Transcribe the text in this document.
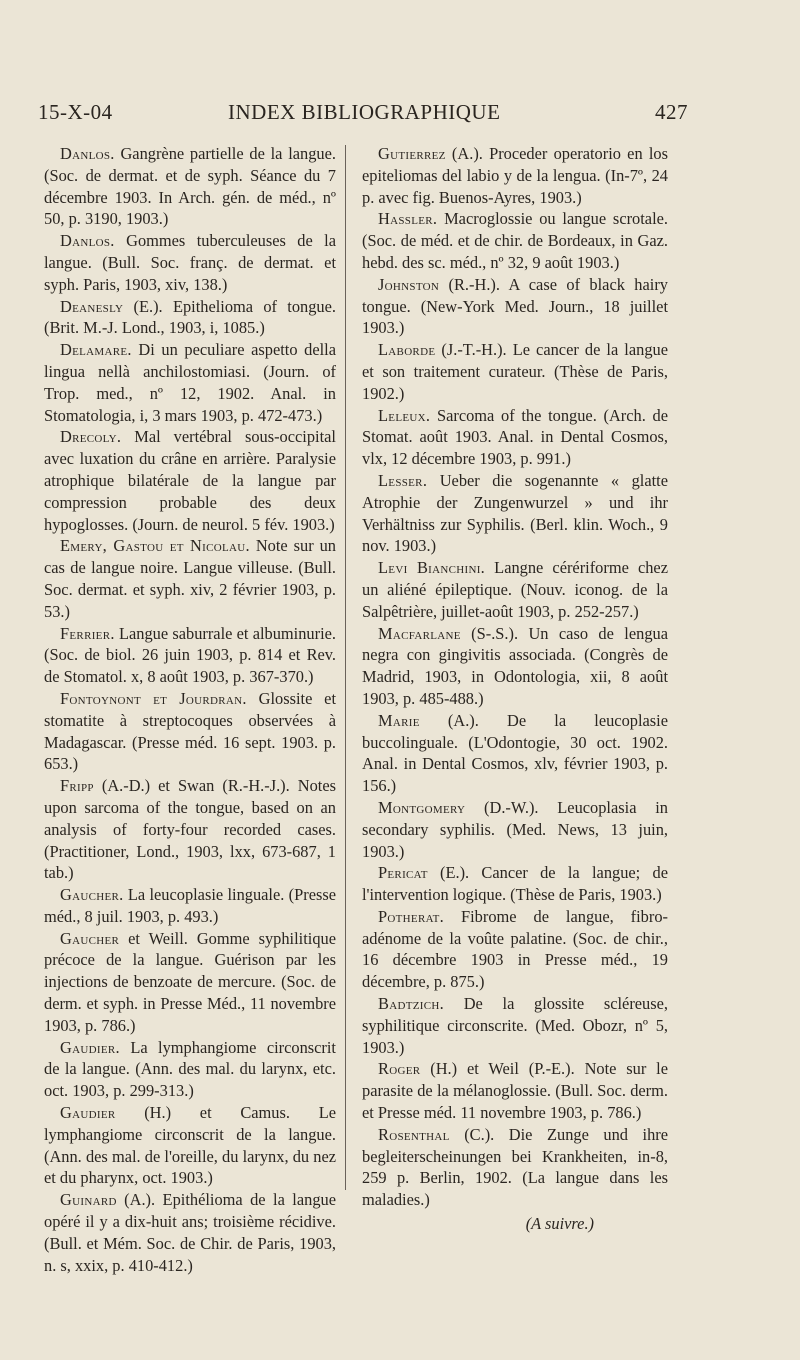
15-X-04	INDEX BIBLIOGRAPHIQUE	427

Danlos. Gangrène partielle de la langue. (Soc. de dermat. et de syph. Séance du 7 décembre 1903. In Arch. gén. de méd., nº 50, p. 3190, 1903.)

Danlos. Gommes tuberculeuses de la langue. (Bull. Soc. franç. de dermat. et syph. Paris, 1903, xiv, 138.)

Deanesly (E.). Epithelioma of tongue. (Brit. M.-J. Lond., 1903, i, 1085.)

Delamare. Di un peculiare aspetto della lingua nellà anchilostomiasi. (Journ. of Trop. med., nº 12, 1902. Anal. in Stomatologia, i, 3 mars 1903, p. 472-473.)

Drecoly. Mal vertébral sous-occipital avec luxation du crâne en arrière. Paralysie atrophique bilatérale de la langue par compression probable des deux hypoglosses. (Journ. de neurol. 5 fév. 1903.)

Emery, Gastou et Nicolau. Note sur un cas de langue noire. Langue villeuse. (Bull. Soc. dermat. et syph. xiv, 2 février 1903, p. 53.)

Ferrier. Langue saburrale et albuminurie. (Soc. de biol. 26 juin 1903, p. 814 et Rev. de Stomatol. x, 8 août 1903, p. 367-370.)

Fontoynont et Jourdran. Glossite et stomatite à streptocoques observées à Madagascar. (Presse méd. 16 sept. 1903. p. 653.)

Fripp (A.-D.) et Swan (R.-H.-J.). Notes upon sarcoma of the tongue, based on an analysis of forty-four recorded cases. (Practitioner, Lond., 1903, lxx, 673-687, 1 tab.)

Gaucher. La leucoplasie linguale. (Presse méd., 8 juil. 1903, p. 493.)

Gaucher et Weill. Gomme syphilitique précoce de la langue. Guérison par les injections de benzoate de mercure. (Soc. de derm. et syph. in Presse Méd., 11 novembre 1903, p. 786.)

Gaudier. La lymphangiome circonscrit de la langue. (Ann. des mal. du larynx, etc. oct. 1903, p. 299-313.)

Gaudier (H.) et Camus. Le lymphangiome circonscrit de la langue. (Ann. des mal. de l'oreille, du larynx, du nez et du pharynx, oct. 1903.)

Guinard (A.). Epithélioma de la langue opéré il y a dix-huit ans; troisième récidive. (Bull. et Mém. Soc. de Chir. de Paris, 1903, n. s, xxix, p. 410-412.)

Gutierrez (A.). Proceder operatorio en los epiteliomas del labio y de la lengua. (In-7º, 24 p. avec fig. Buenos-Ayres, 1903.)

Hassler. Macroglossie ou langue scrotale. (Soc. de méd. et de chir. de Bordeaux, in Gaz. hebd. des sc. méd., nº 32, 9 août 1903.)

Johnston (R.-H.). A case of black hairy tongue. (New-York Med. Journ., 18 juillet 1903.)

Laborde (J.-T.-H.). Le cancer de la langue et son traitement curateur. (Thèse de Paris, 1902.)

Leleux. Sarcoma of the tongue. (Arch. de Stomat. août 1903. Anal. in Dental Cosmos, vlx, 12 décembre 1903, p. 991.)

Lesser. Ueber die sogenannte « glatte Atrophie der Zungenwurzel » und ihr Verhältniss zur Syphilis. (Berl. klin. Woch., 9 nov. 1903.)

Levi Bianchini. Langne cérériforme chez un aliéné épileptique. (Nouv. iconog. de la Salpêtrière, juillet-août 1903, p. 252-257.)

Macfarlane (S-.S.). Un caso de lengua negra con gingivitis associada. (Congrès de Madrid, 1903, in Odontologia, xii, 8 août 1903, p. 485-488.)

Marie (A.). De la leucoplasie buccolinguale. (L'Odontogie, 30 oct. 1902. Anal. in Dental Cosmos, xlv, février 1903, p. 156.)

Montgomery (D.-W.). Leucoplasia in secondary syphilis. (Med. News, 13 juin, 1903.)

Pericat (E.). Cancer de la langue; de l'intervention logique. (Thèse de Paris, 1903.)

Potherat. Fibrome de langue, fibro-adénome de la voûte palatine. (Soc. de chir., 16 décembre 1903 in Presse méd., 19 décembre, p. 875.)

Badtzich. De la glossite scléreuse, syphilitique circonscrite. (Med. Obozr, nº 5, 1903.)

Roger (H.) et Weil (P.-E.). Note sur le parasite de la mélanoglossie. (Bull. Soc. derm. et Presse méd. 11 novembre 1903, p. 786.)

Rosenthal (C.). Die Zunge und ihre begleiterscheinungen bei Krankheiten, in-8, 259 p. Berlin, 1902. (La langue dans les maladies.)

(A suivre.)
